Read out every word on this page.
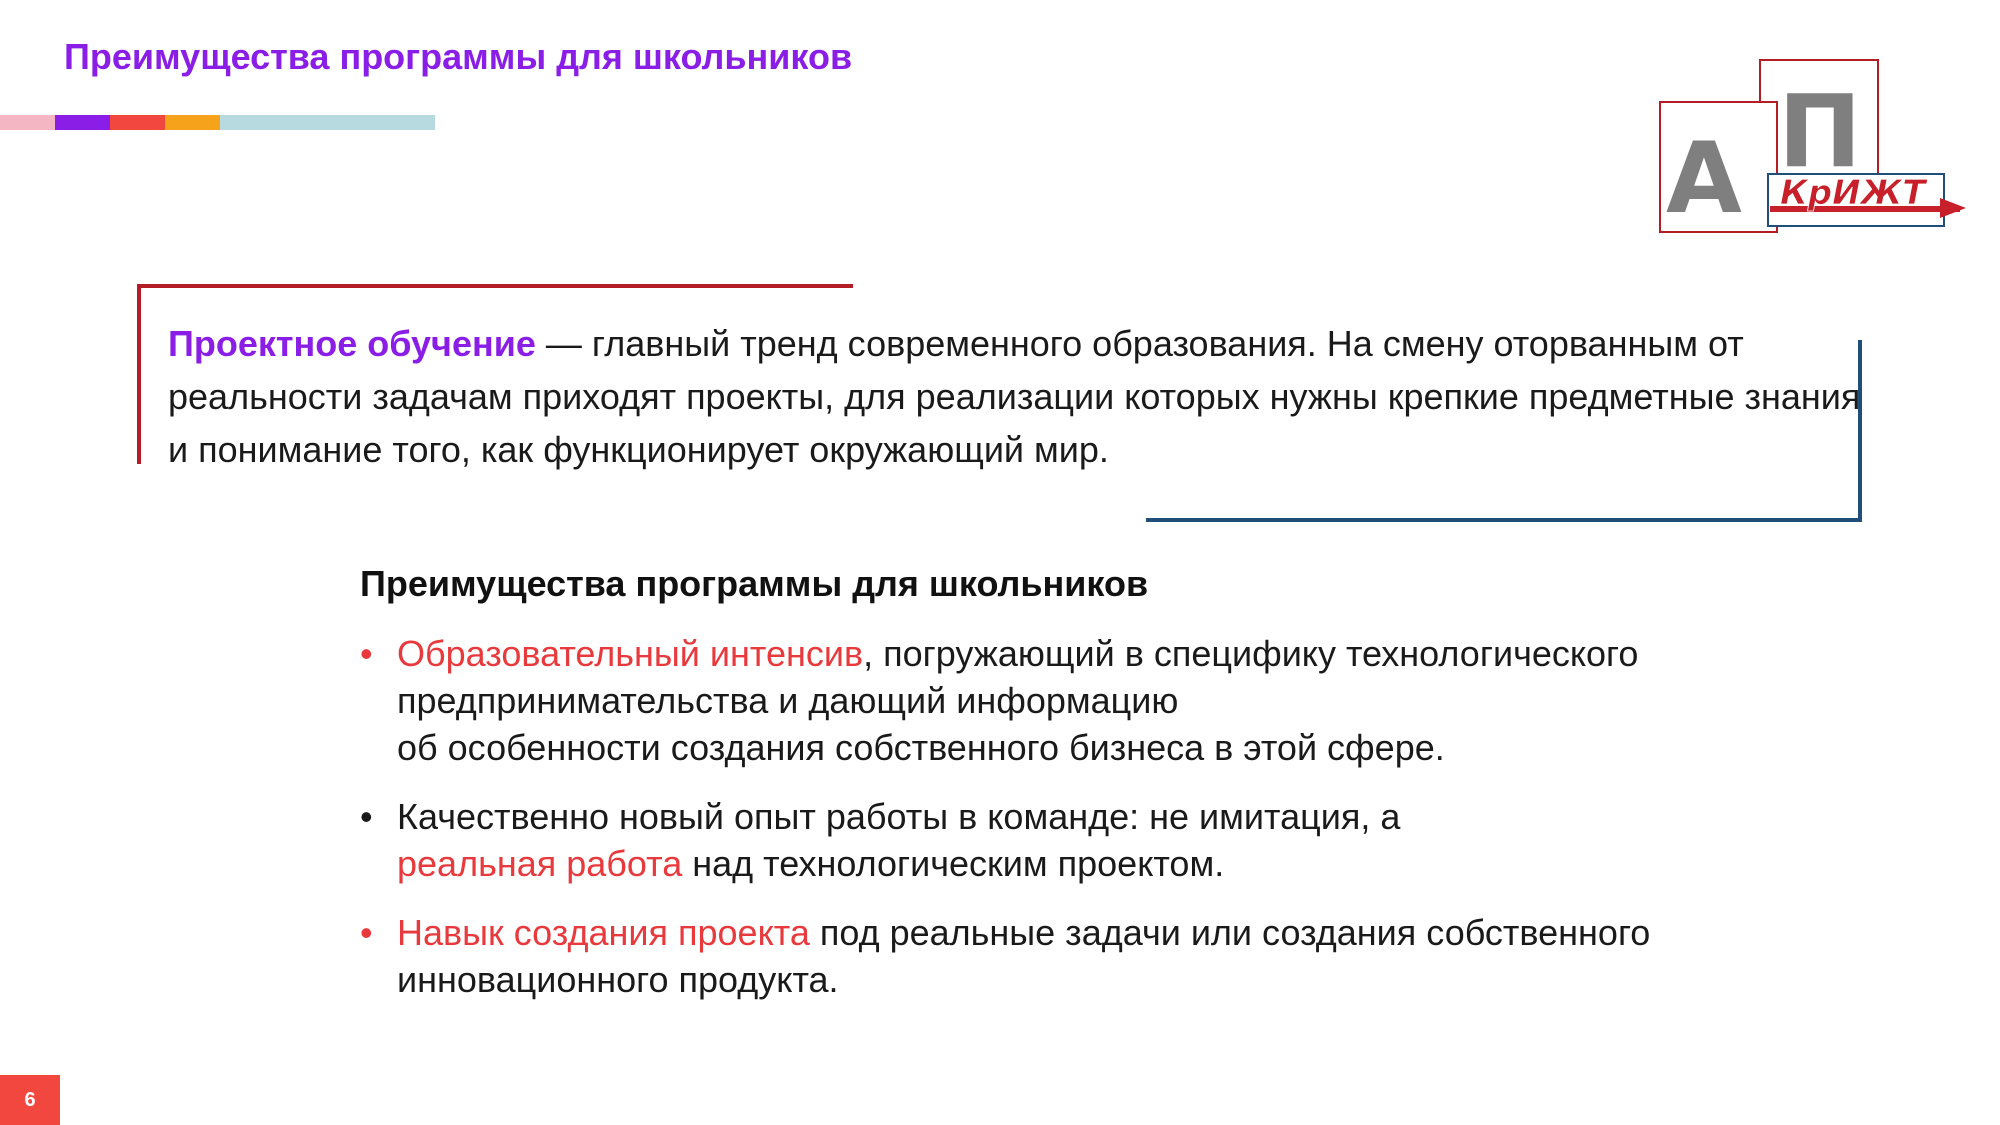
Преимущества программы для школьников
П
А КрИЖТ
Проектное обучение — главный тренд современного образования. На смену оторванным от реальности задачам приходят проекты, для реализации которых нужны крепкие предметные знания и понимание того, как функционирует окружающий мир.
Преимущества программы для школьников
• Образовательный интенсив, погружающий в специфику технологического предпринимательства и дающий информацию
об особенности создания собственного бизнеса в этой сфере.
• Качественно новый опыт работы в команде: не имитация, а
реальная работа над технологическим проектом.
• Навык создания проекта под реальные задачи или создания собственного инновационного продукта.
6
